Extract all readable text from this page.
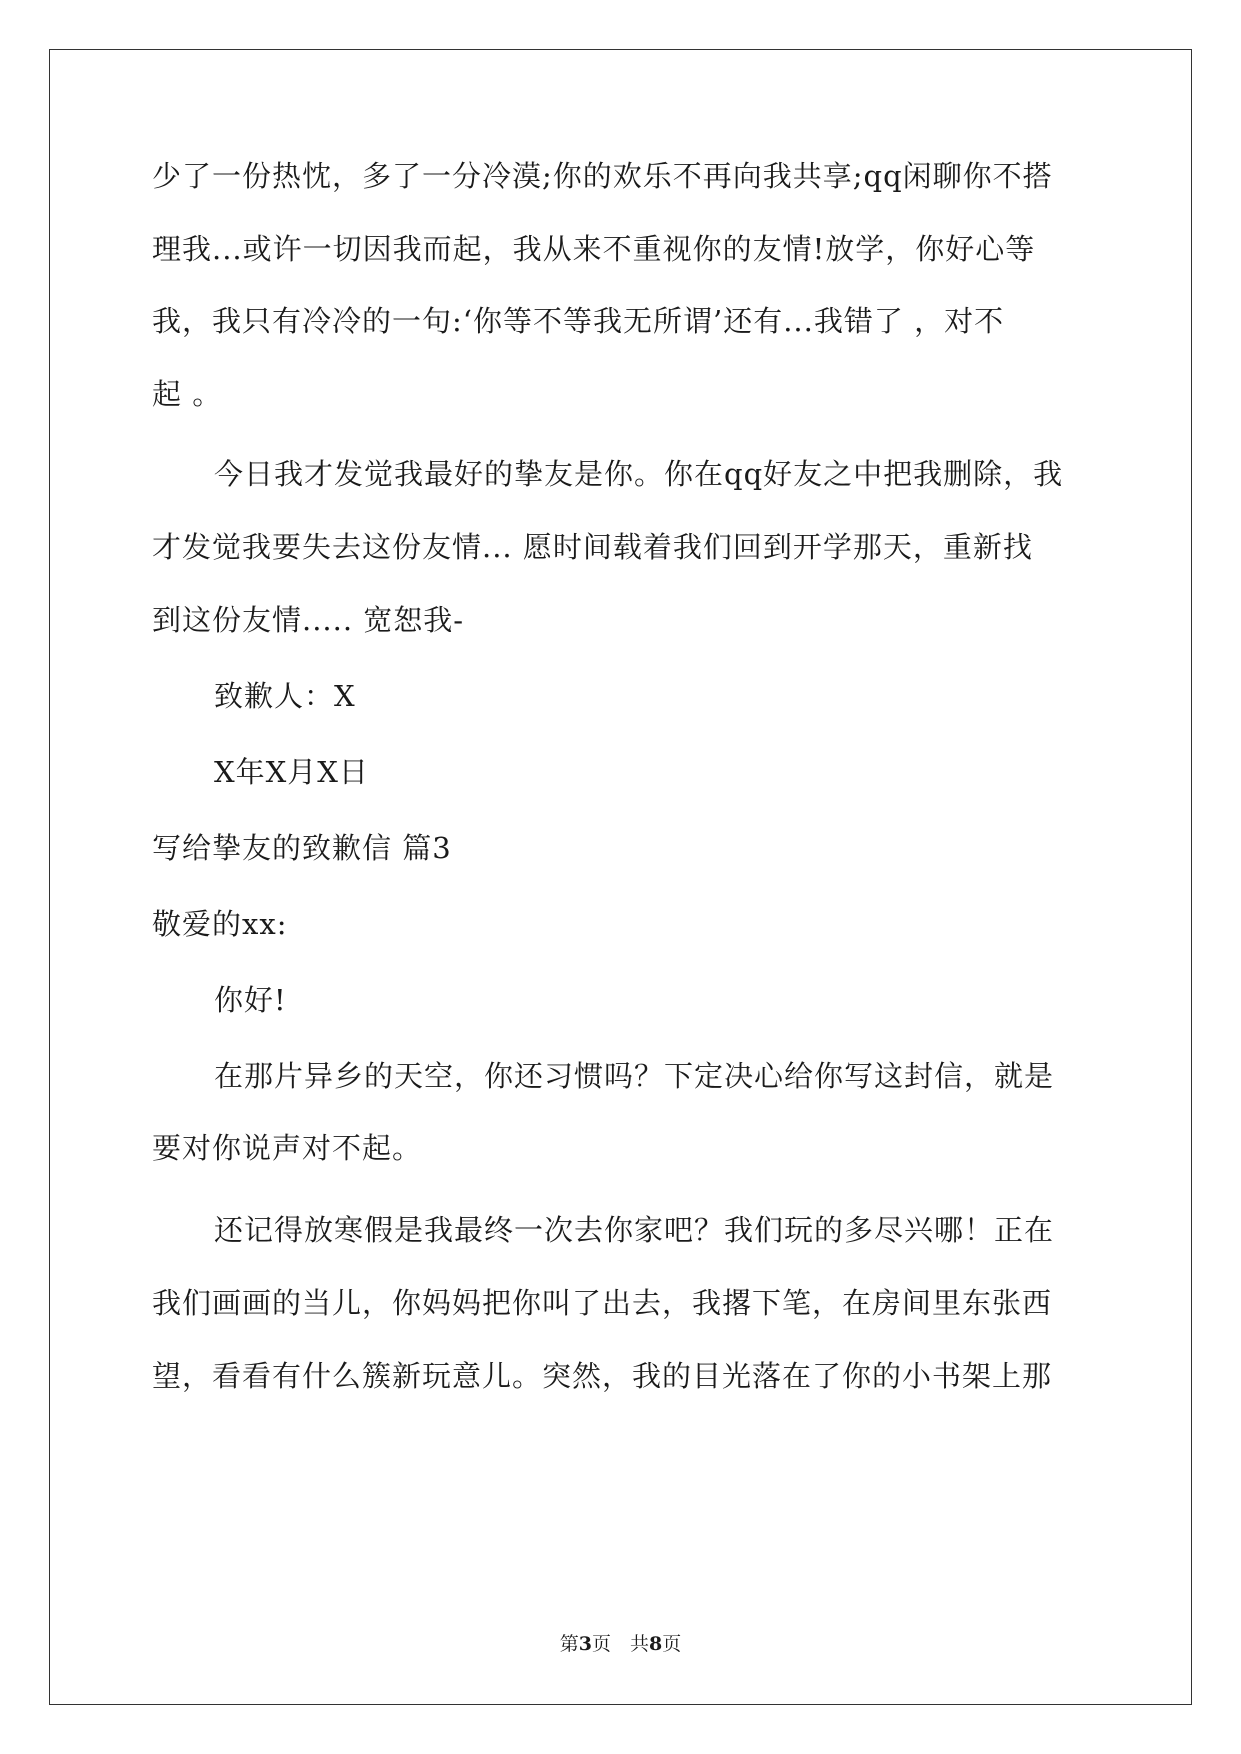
少了一份热忱，多了一分冷漠;你的欢乐不再向我共享;qq闲聊你不搭
理我...或许一切因我而起，我从来不重视你的友情!放学，你好心等
我，我只有冷冷的一句:‘你等不等我无所谓’还有...我错了 ，对不
起 。
今日我才发觉我最好的挚友是你。你在qq好友之中把我删除，我
才发觉我要失去这份友情... 愿时间载着我们回到开学那天，重新找
到这份友情..... 宽恕我-
致歉人：X
X年X月X日
写给挚友的致歉信 篇3
敬爱的xx:
你好!
在那片异乡的天空，你还习惯吗？下定决心给你写这封信，就是
要对你说声对不起。
还记得放寒假是我最终一次去你家吧？我们玩的多尽兴哪！正在
我们画画的当儿，你妈妈把你叫了出去，我撂下笔，在房间里东张西
望，看看有什么簇新玩意儿。突然，我的目光落在了你的小书架上那
第3页　共8页
